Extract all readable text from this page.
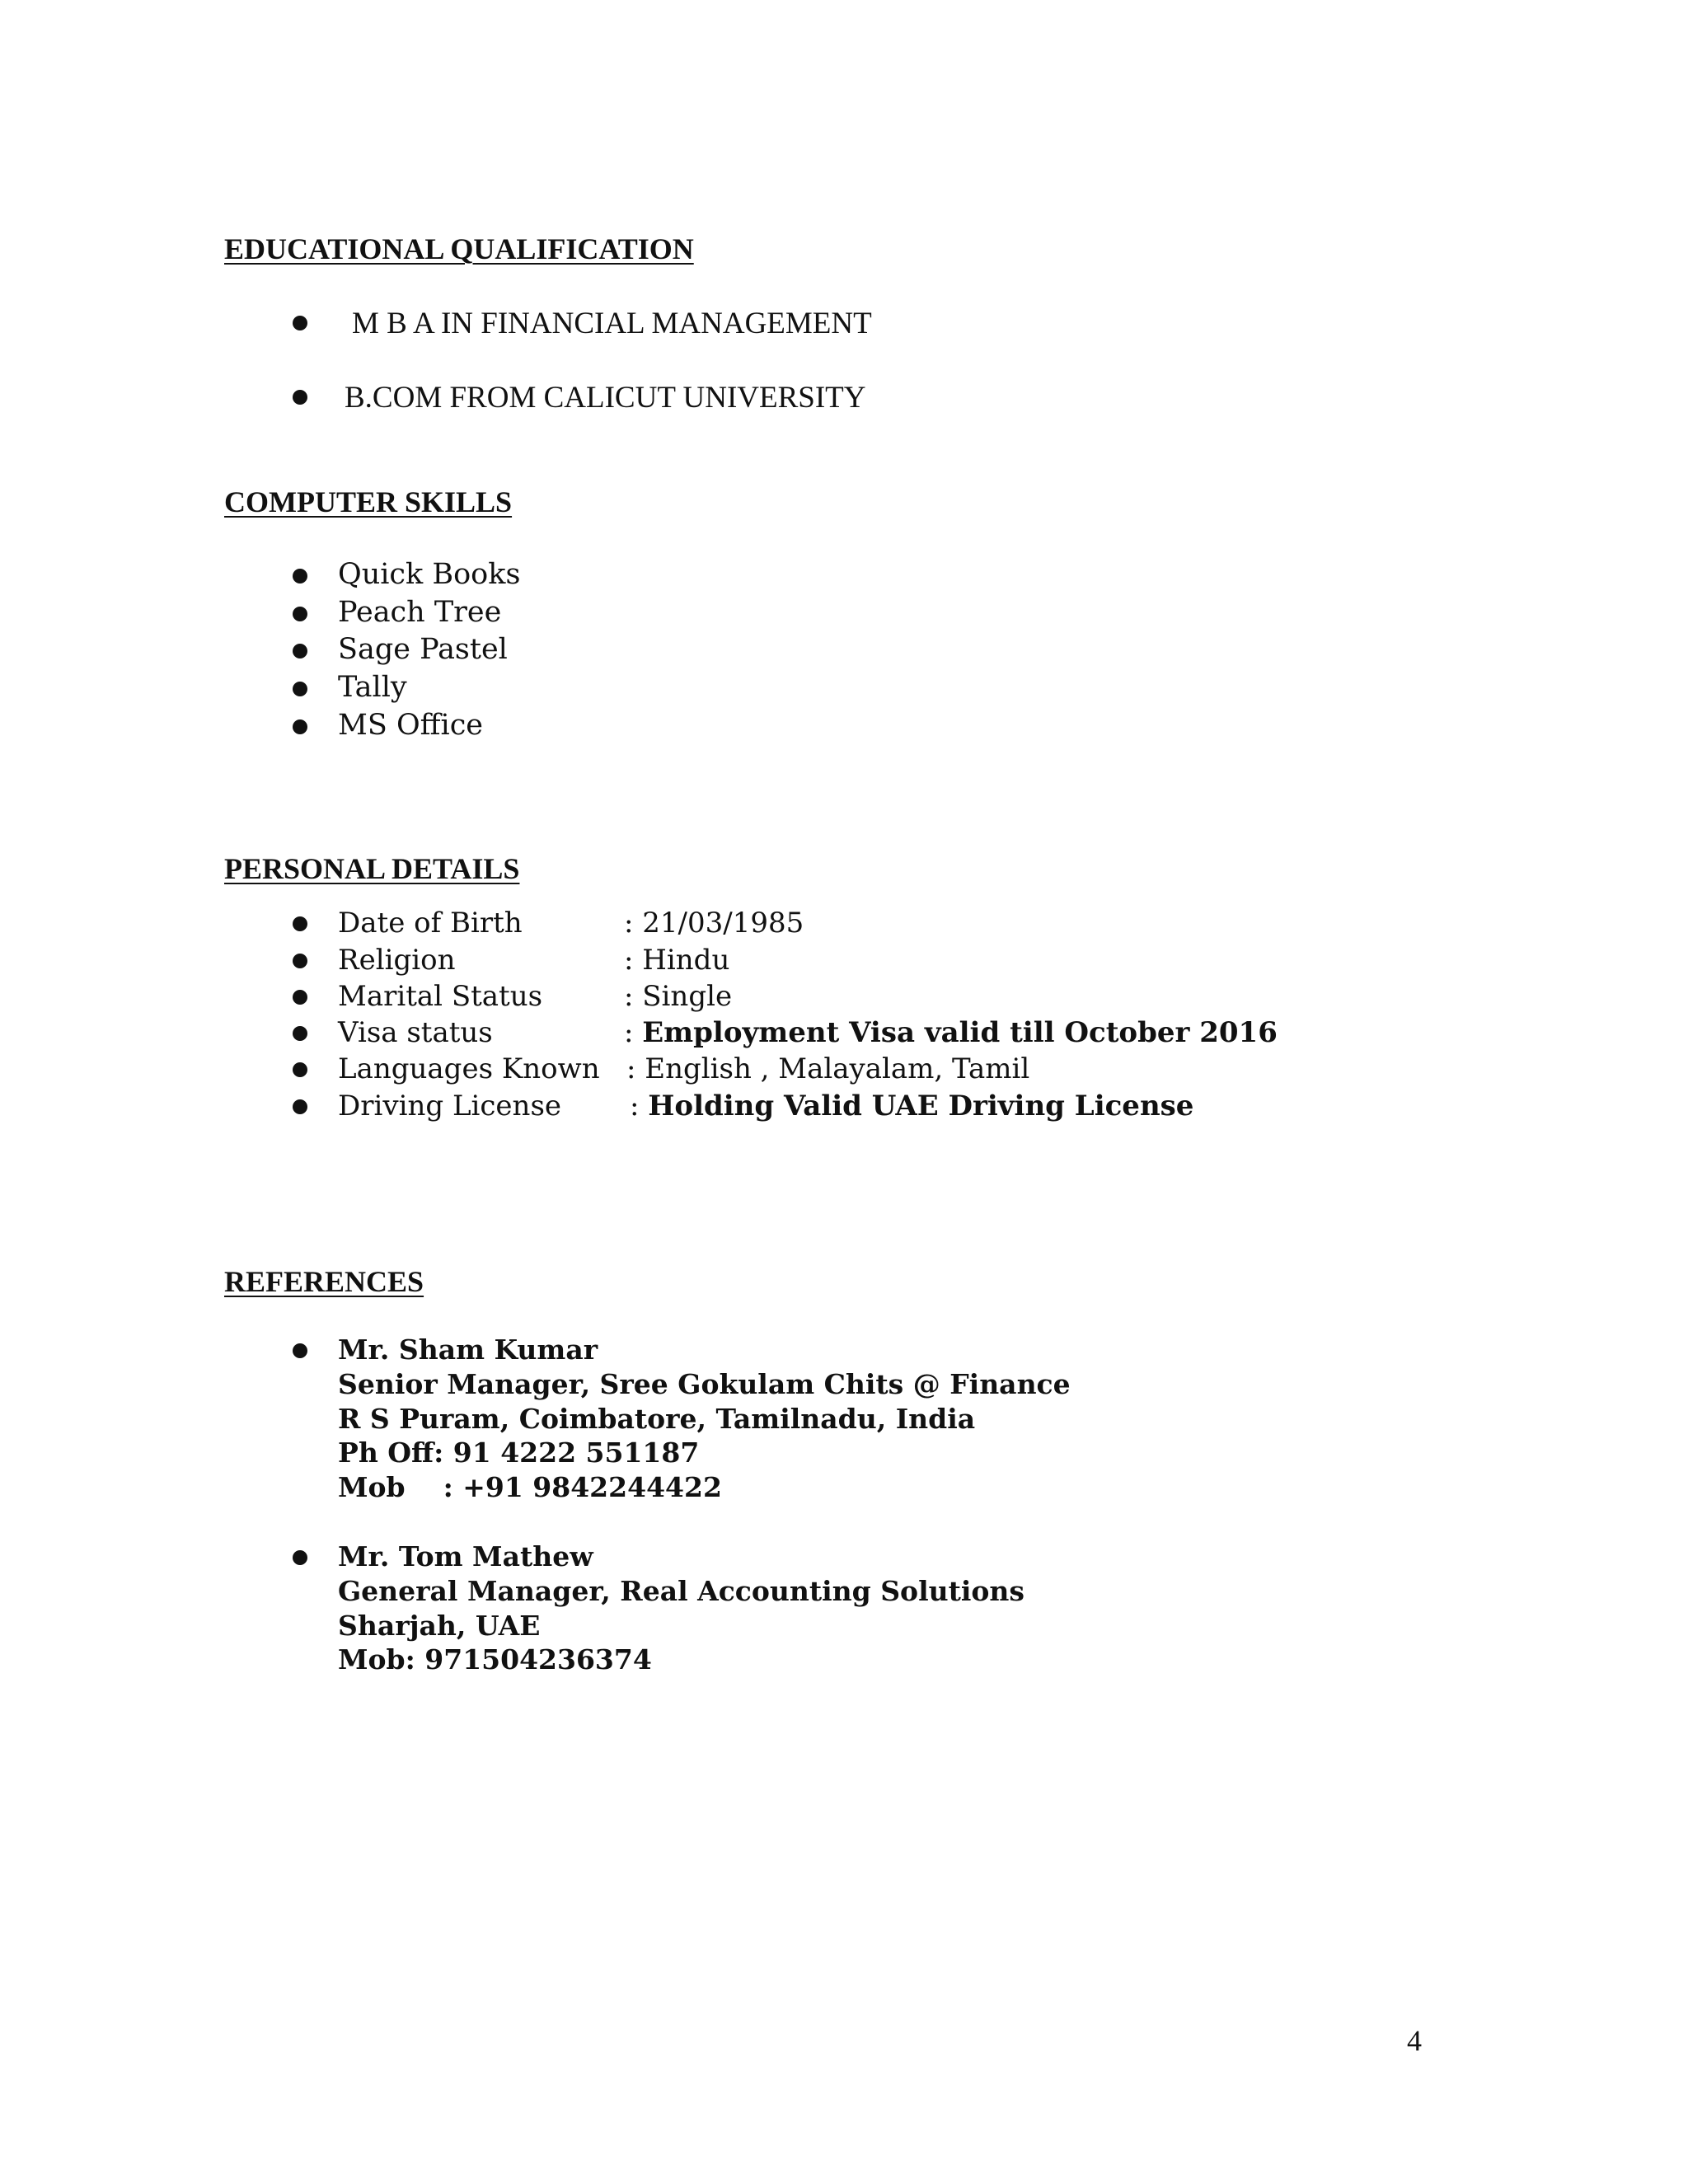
EDUCATIONAL QUALIFICATION
M B A IN FINANCIAL MANAGEMENT
B.COM FROM CALICUT UNIVERSITY
COMPUTER SKILLS
Quick Books
Peach Tree
Sage Pastel
Tally
MS Office
PERSONAL DETAILS
Date of Birth	: 21/03/1985
Religion	: Hindu
Marital Status	: Single
Visa status	: Employment Visa valid till October 2016
Languages Known : English , Malayalam, Tamil
Driving License : Holding Valid UAE Driving License
REFERENCES
Mr. Sham Kumar
Senior Manager, Sree Gokulam Chits @ Finance
R S Puram, Coimbatore, Tamilnadu, India
Ph Off: 91 4222 551187
Mob    : +91 9842244422
Mr. Tom Mathew
General Manager, Real Accounting Solutions
Sharjah, UAE
Mob: 971504236374
4
